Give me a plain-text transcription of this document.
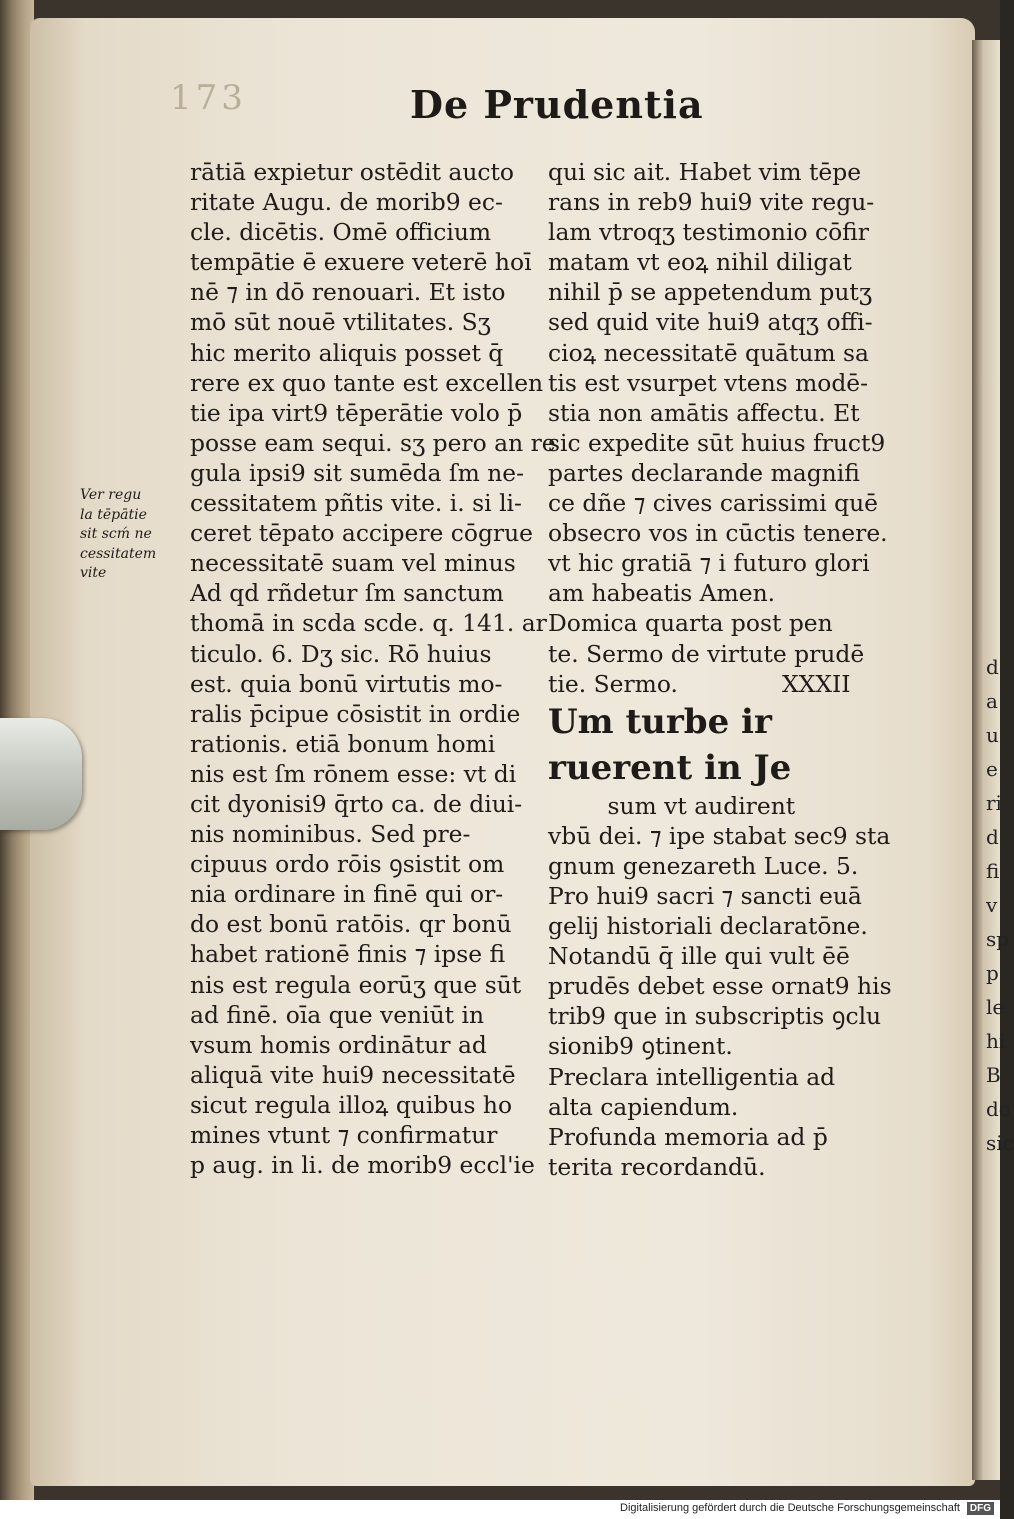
173	De Prudentia
Ver regu
la tēpātie
sit scḿ ne
cessitatem
vite
rātiā expietur ostēdit aucto
ritate Augu. de morib9 ec-
cle. dicētis. Omē officium
tempātie ē exuere veterē hoī
nē ⁊ in dō renouari. Et isto
mō sūt nouē vtilitates. Sʒ
hic merito aliquis posset q̄
rere ex quo tante est excellen
tie ipa virt9 tēperātie volo p̄
posse eam sequi. sʒ pero an re
gula ipsi9 sit sumēda ſm ne-
cessitatem pñtis vite. i. si li-
ceret tēpato accipere cōgrue
necessitatē suam vel minus
Ad qd rñdetur ſm sanctum
thomā in scda scde. q. 141. ar
ticulo. 6. Dʒ sic. Rō huius
est. quia bonū virtutis mo-
ralis p̄cipue cōsistit in ordie
rationis. etiā bonum homi
nis est ſm rōnem esse: vt di
cit dyonisi9 q̄rto ca. de diui-
nis nominibus. Sed pre-
cipuus ordo rōis ꝯsistit om
nia ordinare in finē qui or-
do est bonū ratōis. qr bonū
habet rationē finis ⁊ ipse fi
nis est regula eorūʒ que sūt
ad finē. oīa que veniūt in
vsum homis ordinātur ad
aliquā vite hui9 necessitatē
sicut regula illoꝝ quibus ho
mines vtunt ⁊ confirmatur
p aug. in li. de morib9 eccl'ie
qui sic ait. Habet vim tēpe
rans in reb9 hui9 vite regu-
lam vtroqʒ testimonio cōfir
matam vt eoꝝ nihil diligat
nihil p̄ se appetendum putʒ
sed quid vite hui9 atqʒ offi-
cioꝝ necessitatē quātum sa
tis est vsurpet vtens modē-
stia non amātis affectu. Et
sic expedite sūt huius fruct9
partes declarande magnifi
ce dñe ⁊ cives carissimi quē
obsecro vos in cūctis tenere.
vt hic gratiā ⁊ i futuro glori
am habeatis Amen.
Domica quarta post pen
te. Sermo de virtute prudē
tie. Sermo.              XXXII
Um turbe ir
ruerent in Je
sum vt audirent
vbū dei. ⁊ ipe stabat sec9 sta
gnum genezareth Luce. 5.
Pro hui9 sacri ⁊ sancti euā
gelij historiali declaratōne.
Notandū q̄ ille qui vult ēē
prudēs debet esse ornat9 his
trib9 que in subscriptis ꝯclu
sionib9 ꝯtinent.
Preclara intelligentia ad
alta capiendum.
Profunda memoria ad p̄
terita recordandū.
d
a
u
e
ri
d
fi
v
sp
p
le
hi
B
do
sic
Digitalisierung gefördert durch die Deutsche Forschungsgemeinschaft DFG
